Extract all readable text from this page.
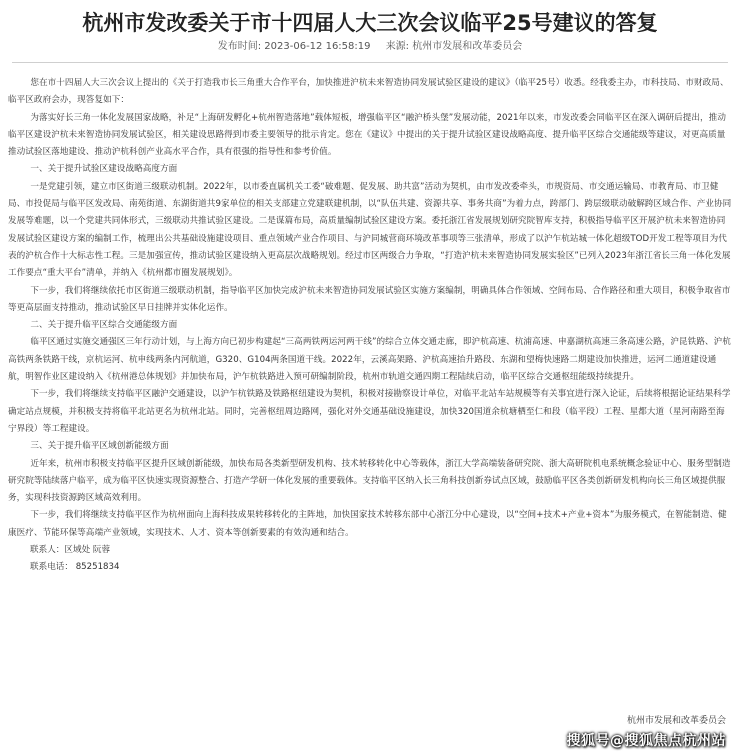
杭州市发改委关于市十四届人大三次会议临平25号建议的答复
发布时间: 2023-06-12 16:58:19 来源: 杭州市发展和改革委员会

您在市十四届人大三次会议上提出的《关于打造我市长三角重大合作平台，加快推进沪杭未来智造协同发展试验区建设的建议》（临平25号）收悉。经我委主办，市科技局、市财政局、临平区政府会办，现答复如下：

为落实好长三角一体化发展国家战略，补足“上海研发孵化+杭州智造落地”载体短板，增强临平区“融沪桥头堡”发展动能，2021年以来，市发改委会同临平区在深入调研后提出，推动临平区建设沪杭未来智造协同发展试验区，相关建设思路得到市委主要领导的批示肯定。您在《建议》中提出的关于提升试验区建设战略高度、提升临平区综合交通能级等建议，对更高质量推动试验区落地建设、推动沪杭科创产业高水平合作，具有很强的指导性和参考价值。

一、关于提升试验区建设战略高度方面

一是党建引领，建立市区街道三级联动机制。2022年，以市委直属机关工委“破难题、促发展、助共富”活动为契机，由市发改委牵头，市规资局、市交通运输局、市教育局、市卫健局、市投促局与临平区发改局、南苑街道、东湖街道共9家单位的相关支部建立党建联建机制，以“队伍共建、资源共享、事务共商”为着力点，跨部门、跨层级联动破解跨区域合作、产业协同发展等难题，以一个党建共同体形式，三级联动共推试验区建设。二是谋篇布局，高质量编制试验区建设方案。委托浙江省发展规划研究院智库支持，积极指导临平区开展沪杭未来智造协同发展试验区建设方案的编制工作，梳理出公共基础设施建设项目、重点领域产业合作项目、与沪同城营商环境改革事项等三张清单，形成了以沪乍杭站城一体化超级TOD开发工程等项目为代表的沪杭合作十大标志性工程。三是加强宣传，推动试验区建设纳入更高层次战略规划。经过市区两级合力争取，“打造沪杭未来智造协同发展实验区”已列入2023年浙江省长三角一体化发展工作要点“重大平台”清单，并纳入《杭州都市圈发展规划》。

下一步，我们将继续依托市区街道三级联动机制，指导临平区加快完成沪杭未来智造协同发展试验区实施方案编制，明确具体合作领域、空间布局、合作路径和重大项目，积极争取省市等更高层面支持推动，推动试验区早日挂牌并实体化运作。

二、关于提升临平区综合交通能级方面

临平区通过实施交通强区三年行动计划，与上海方向已初步构建起“三高两铁两运河两干线”的综合立体交通走廊，即沪杭高速、杭浦高速、申嘉湖杭高速三条高速公路，沪昆铁路、沪杭高铁两条铁路干线，京杭运河、杭申线两条内河航道，G320、G104两条国道干线。2022年，云溪高架路、沪杭高速抬升路段、东湖和望梅快速路二期建设加快推进，运河二通道建设通航，明智作业区建设纳入《杭州港总体规划》并加快布局，沪乍杭铁路进入预可研编制阶段，杭州市轨道交通四期工程陆续启动，临平区综合交通枢纽能级持续提升。

下一步，我们将继续支持临平区融沪交通建设，以沪乍杭铁路及铁路枢纽建设为契机，积极对接勘察设计单位，对临平北站车站规模等有关事宜进行深入论证，后续将根据论证结果科学确定站点规模，并积极支持将临平北站更名为杭州北站。同时，完善枢纽周边路网，强化对外交通基础设施建设，加快320国道余杭塘栖至仁和段（临平段）工程、星都大道（星河南路至海宁界段）等工程建设。

三、关于提升临平区域创新能级方面

近年来，杭州市积极支持临平区提升区域创新能级，加快布局各类新型研发机构、技术转移转化中心等载体，浙江大学高端装备研究院、浙大高研院机电系统概念验证中心、服务型制造研究院等陆续落户临平，成为临平区快速实现资源整合、打造产学研一体化发展的重要载体。支持临平区纳入长三角科技创新券试点区域，鼓励临平区各类创新研发机构向长三角区域提供服务，实现科技资源跨区域高效利用。

下一步，我们将继续支持临平区作为杭州面向上海科技成果转移转化的主阵地，加快国家技术转移东部中心浙江分中心建设，以“空间+技术+产业+资本”为服务模式，在智能制造、健康医疗、节能环保等高端产业领域，实现技术、人才、资本等创新要素的有效沟通和结合。

联系人：区域处 阮蓉
联系电话： 85251834
杭州市发展和改革委员会
搜狐号@搜狐焦点杭州站
